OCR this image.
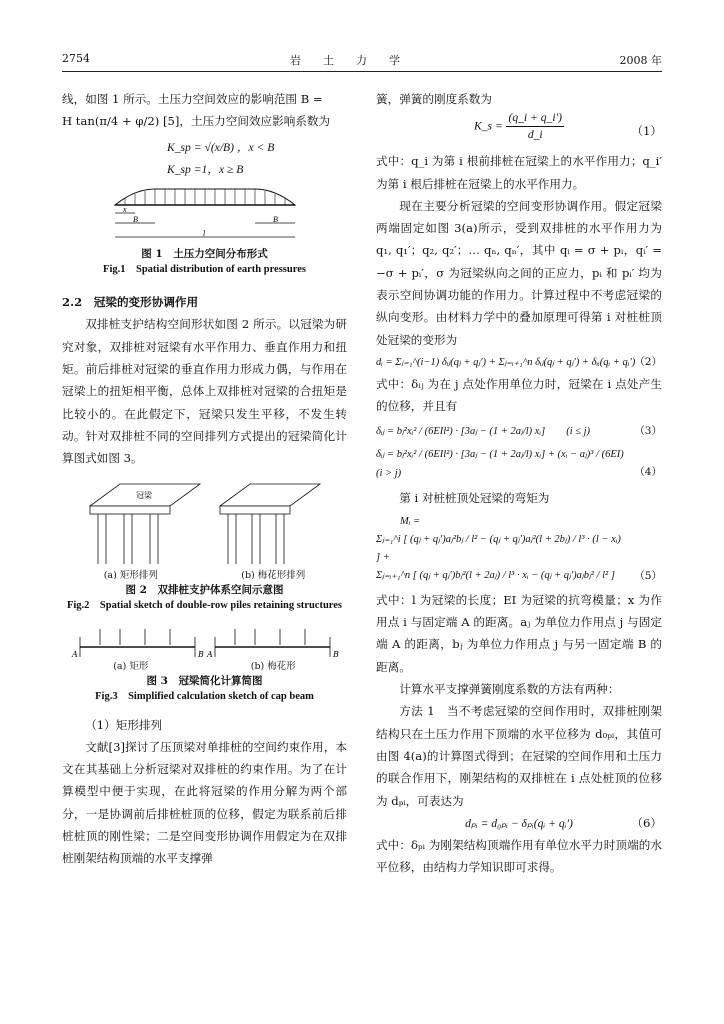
2754	岩　　土　　力　　学	2008 年

线，如图 1 所示。土压力空间效应的影响范围 B =

H tan(π/4 + φ/2) [5]，土压力空间效应影响系数为

K_sp = √(x/B) ，x < B
K_sp =1，x ≥ B
x
B	B
l
图 1　土压力空间分布形式
Fig.1　Spatial distribution of earth pressures
2.2　冠梁的变形协调作用

双排桩支护结构空间形状如图 2 所示。以冠梁为研究对象，双排桩对冠梁有水平作用力、垂直作用力和扭矩。前后排桩对冠梁的垂直作用力形成力偶，与作用在冠梁上的扭矩相平衡，总体上双排桩对冠梁的合扭矩是比较小的。在此假定下，冠梁只发生平移，不发生转动。针对双排桩不同的空间排列方式提出的冠梁简化计算图式如图 3。

冠梁
(a) 矩形排列	(b) 梅花形排列
图 2　双排桩支护体系空间示意图
Fig.2　Spatial sketch of double-row piles retaining structures
A	B A	B
(a) 矩形	(b) 梅花形
图 3　冠梁简化计算简图
Fig.3　Simplified calculation sketch of cap beam

（1）矩形排列

文献[3]探讨了压顶梁对单排桩的空间约束作用，本文在其基础上分析冠梁对双排桩的约束作用。为了在计算模型中便于实现，在此将冠梁的作用分解为两个部分，一是协调前后排桩桩顶的位移，假定为联系前后排桩桩顶的刚性梁；二是空间变形协调作用假定为在双排桩刚架结构顶端的水平支撑弹

簧，弹簧的刚度系数为

K_s = $\frac{(q\_i + q\_i')}{d\_i}$	（1）

式中：q_i 为第 i 根前排桩在冠梁上的水平作用力；q_i′ 为第 i 根后排桩在冠梁上的水平作用力。

现在主要分析冠梁的空间变形协调作用。假定冠梁两端固定如图 3(a)所示，受到双排桩的水平作用力为 q₁, q₁′；q₂, q₂′；… qₙ, qₙ′，其中 qᵢ = σ + pᵢ，qᵢ′ = −σ + pᵢ′，σ 为冠梁纵向之间的正应力，pᵢ 和 pᵢ′ 均为表示空间协调功能的作用力。计算过程中不考虑冠梁的纵向变形。由材料力学中的叠加原理可得第 i 对桩桩顶处冠梁的变形为

dᵢ = Σⱼ₌₁^(i−1) δᵢⱼ(qⱼ + qⱼ′) + Σⱼ₌ᵢ₊₁^n δᵢⱼ(qⱼ + qⱼ′) + δᵢᵢ(qᵢ + qᵢ′) （2）

式中：δᵢⱼ 为在 j 点处作用单位力时，冠梁在 i 点处产生的位移，并且有

δᵢⱼ = bⱼ²xᵢ² / (6EIl²) · [3aⱼ − (1 + 2aⱼ/l) xᵢ]　　(i ≤ j)	（3）
δᵢⱼ = bⱼ²xᵢ² / (6EIl²) · [3aⱼ − (1 + 2aⱼ/l) xᵢ] + (xᵢ − aⱼ)³ / (6EI)　　(i > j)	（4）

第 i 对桩桩顶处冠梁的弯矩为

Mᵢ =
Σⱼ₌₁^i [ (qⱼ + qⱼ′)aⱼ²bⱼ / l² − (qⱼ + qⱼ′)aⱼ²(l + 2bⱼ) / l³ · (l − xᵢ) ] +
Σⱼ₌ᵢ₊₁^n [ (qⱼ + qⱼ′)bⱼ²(l + 2aⱼ) / l³ · xᵢ − (qⱼ + qⱼ′)aⱼbⱼ² / l² ]	（5）

式中：l 为冠梁的长度；EI 为冠梁的抗弯模量；x 为作用点 i 与固定端 A 的距离。aⱼ 为单位力作用点 j 与固定端 A 的距离，bⱼ 为单位力作用点 j 与另一固定端 B 的距离。

计算水平支撑弹簧刚度系数的方法有两种：

方法 1　当不考虑冠梁的空间作用时，双排桩刚架结构只在土压力作用下顶端的水平位移为 d₀ₚᵢ，其值可由图 4(a)的计算图式得到；在冠梁的空间作用和土压力的联合作用下，刚架结构的双排桩在 i 点处桩顶的位移为 dₚᵢ，可表达为

dₚᵢ = d₀ₚᵢ − δₚᵢ(qᵢ + qᵢ′)	（6）

式中：δₚᵢ 为刚架结构顶端作用有单位水平力时顶端的水平位移，由结构力学知识即可求得。
